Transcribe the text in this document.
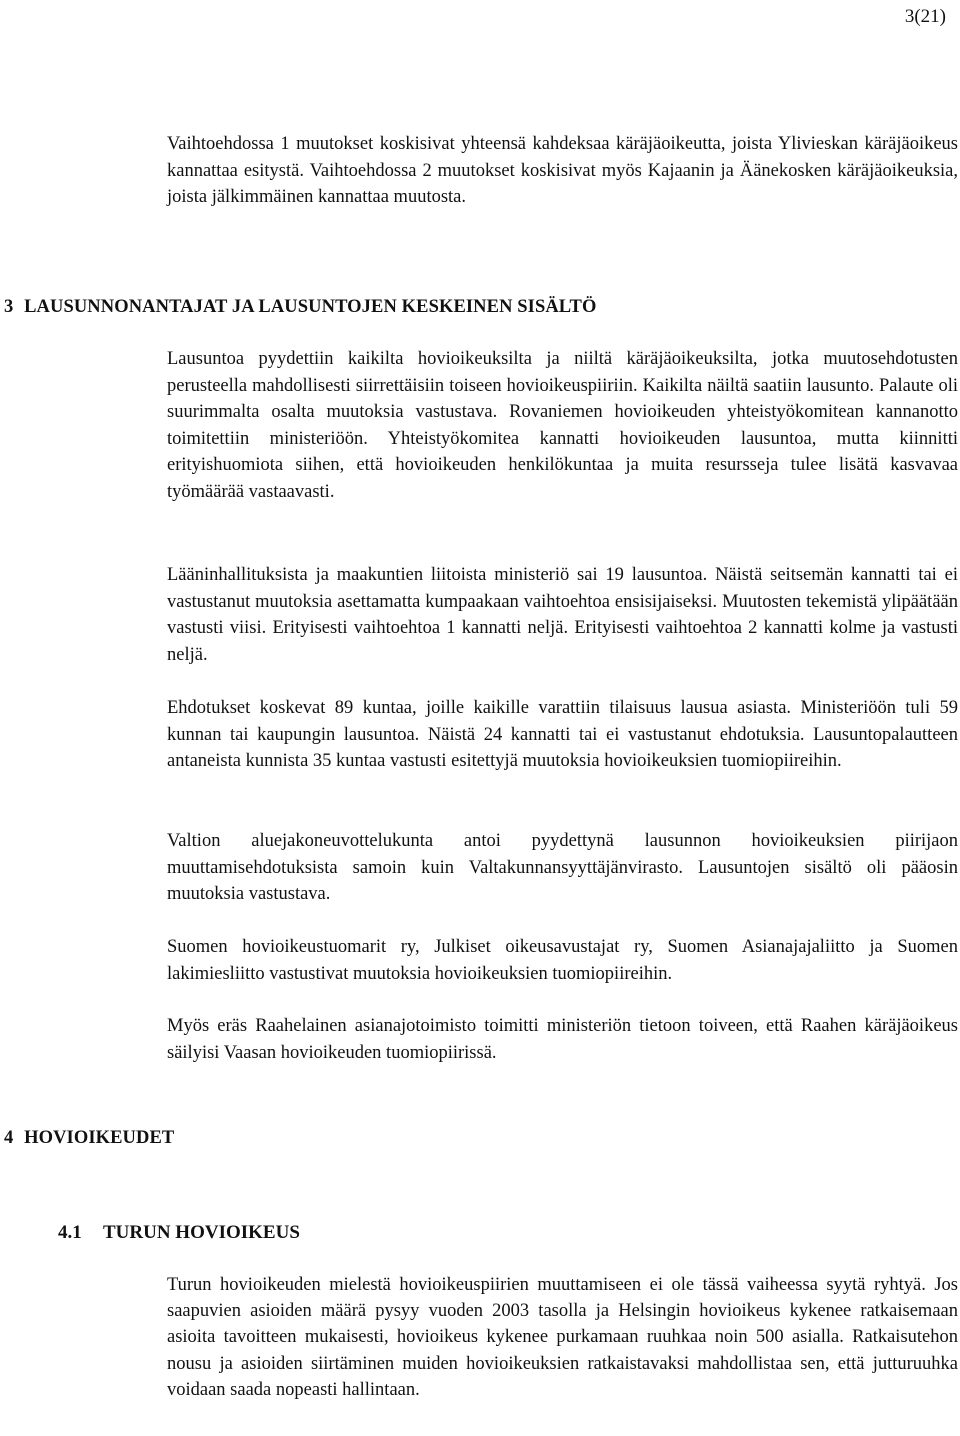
3(21)

Vaihtoehdossa 1 muutokset koskisivat yhteensä kahdeksaa käräjäoikeutta, joista Ylivieskan käräjäoikeus kannattaa esitystä. Vaihtoehdossa 2 muutokset koskisivat myös Kajaanin ja Äänekosken käräjäoikeuksia, joista jälkimmäinen kannattaa muutosta.

3 LAUSUNNONANTAJAT JA LAUSUNTOJEN KESKEINEN SISÄLTÖ

Lausuntoa pyydettiin kaikilta hovioikeuksilta ja niiltä käräjäoikeuksilta, jotka muutosehdotusten perusteella mahdollisesti siirrettäisiin toiseen hovioikeuspiiriin. Kaikilta näiltä saatiin lausunto. Palaute oli suurimmalta osalta muutoksia vastustava. Rovaniemen hovioikeuden yhteistyökomitean kannanotto toimitettiin ministeriöön. Yhteistyökomitea kannatti hovioikeuden lausuntoa, mutta kiinnitti erityishuomiota siihen, että hovioikeuden henkilökuntaa ja muita resursseja tulee lisätä kasvavaa työmäärää vastaavasti.

Lääninhallituksista ja maakuntien liitoista ministeriö sai 19 lausuntoa. Näistä seitsemän kannatti tai ei vastustanut muutoksia asettamatta kumpaakaan vaihtoehtoa ensisijaiseksi. Muutosten tekemistä ylipäätään vastusti viisi. Erityisesti vaihtoehtoa 1 kannatti neljä. Erityisesti vaihtoehtoa 2 kannatti kolme ja vastusti neljä.

Ehdotukset koskevat 89 kuntaa, joille kaikille varattiin tilaisuus lausua asiasta. Ministeriöön tuli 59 kunnan tai kaupungin lausuntoa. Näistä 24 kannatti tai ei vastustanut ehdotuksia. Lausuntopalautteen antaneista kunnista 35 kuntaa vastusti esitettyjä muutoksia hovioikeuksien tuomiopiireihin.

Valtion aluejakoneuvottelukunta antoi pyydettynä lausunnon hovioikeuksien piirijaon muuttamisehdotuksista samoin kuin Valtakunnansyyttäjänvirasto. Lausuntojen sisältö oli pääosin muutoksia vastustava.

Suomen hovioikeustuomarit ry, Julkiset oikeusavustajat ry, Suomen Asianajajaliitto ja Suomen lakimiesliitto vastustivat muutoksia hovioikeuksien tuomiopiireihin.

Myös eräs Raahelainen asianajotoimisto toimitti ministeriön tietoon toiveen, että Raahen käräjäoikeus säilyisi Vaasan hovioikeuden tuomiopiirissä.

4 HOVIOIKEUDET
4.1 TURUN HOVIOIKEUS

Turun hovioikeuden mielestä hovioikeuspiirien muuttamiseen ei ole tässä vaiheessa syytä ryhtyä. Jos saapuvien asioiden määrä pysyy vuoden 2003 tasolla ja Helsingin hovioikeus kykenee ratkaisemaan asioita tavoitteen mukaisesti, hovioikeus kykenee purkamaan ruuhkaa noin 500 asialla. Ratkaisutehon nousu ja asioiden siirtäminen muiden hovioikeuksien ratkaistavaksi mahdollistaa sen, että jutturuuhka voidaan saada nopeasti hallintaan.
